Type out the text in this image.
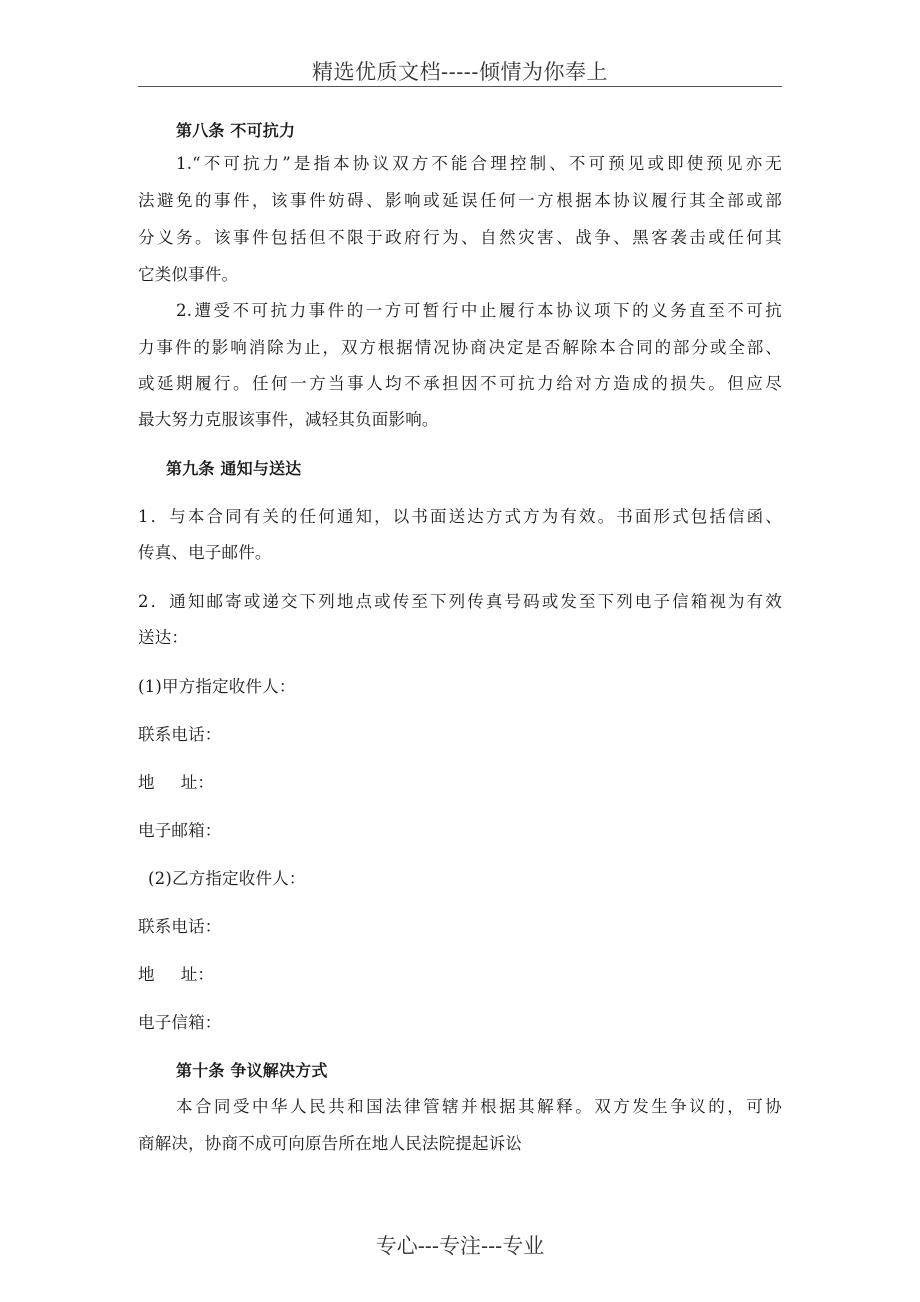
精选优质文档-----倾情为你奉上
第八条 不可抗力
1.“不可抗力”是指本协议双方不能合理控制、不可预见或即使预见亦无
法避免的事件，该事件妨碍、影响或延误任何一方根据本协议履行其全部或部
分义务。该事件包括但不限于政府行为、自然灾害、战争、黑客袭击或任何其
它类似事件。
2.遭受不可抗力事件的一方可暂行中止履行本协议项下的义务直至不可抗
力事件的影响消除为止，双方根据情况协商决定是否解除本合同的部分或全部、
或延期履行。任何一方当事人均不承担因不可抗力给对方造成的损失。但应尽
最大努力克服该事件，减轻其负面影响。
第九条 通知与送达
1．与本合同有关的任何通知，以书面送达方式方为有效。书面形式包括信函、
传真、电子邮件。
2．通知邮寄或递交下列地点或传至下列传真号码或发至下列电子信箱视为有效
送达：
(1)甲方指定收件人：
联系电话：
地 址：
电子邮箱：
(2)乙方指定收件人：
联系电话：
地 址：
电子信箱：
第十条 争议解决方式
本合同受中华人民共和国法律管辖并根据其解释。双方发生争议的，可协
商解决，协商不成可向原告所在地人民法院提起诉讼
专心---专注---专业
